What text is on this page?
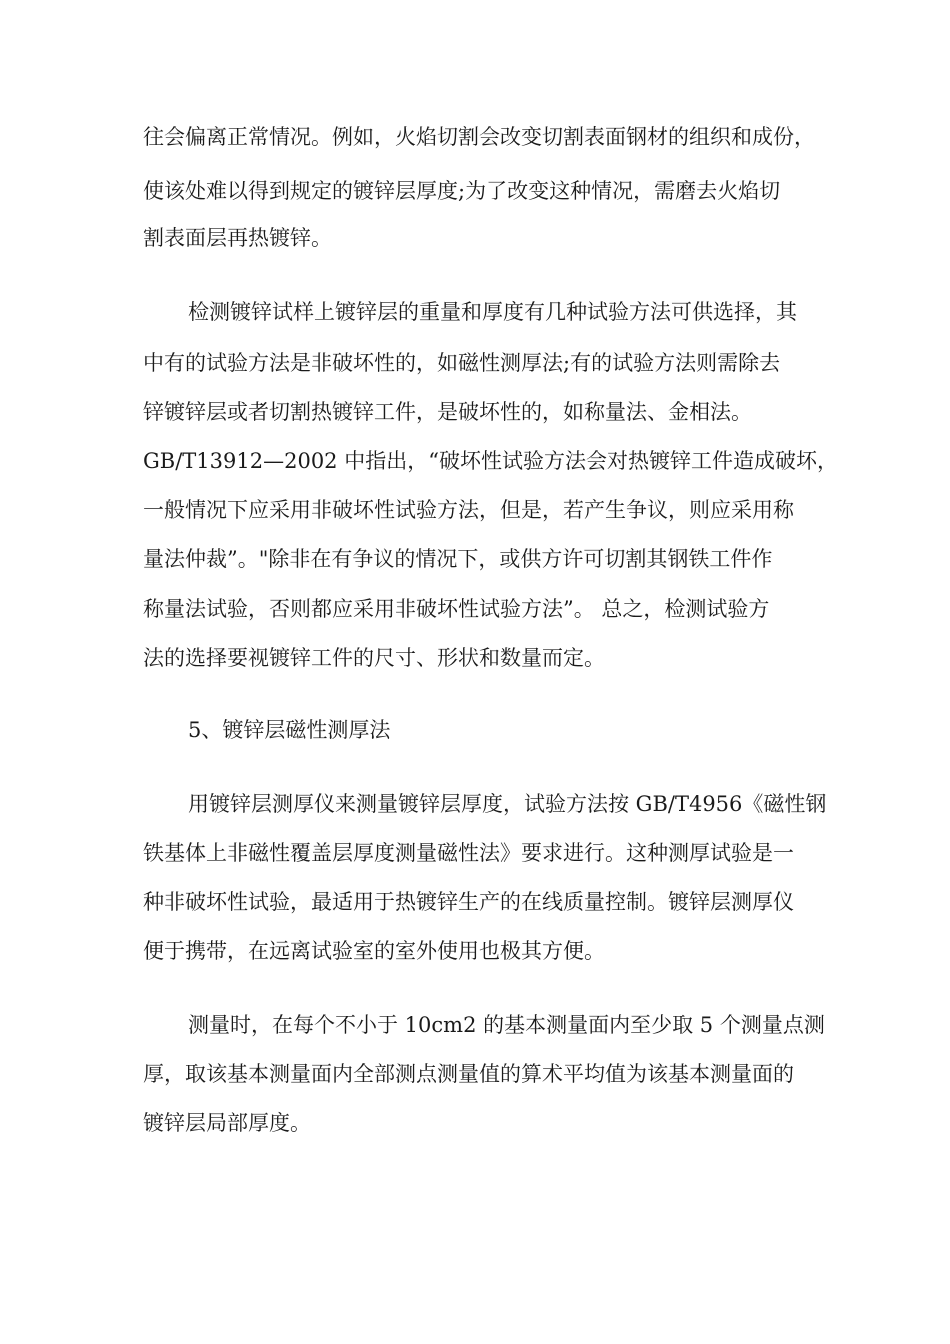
往会偏离正常情况。例如，火焰切割会改变切割表面钢材的组织和成份，
使该处难以得到规定的镀锌层厚度;为了改变这种情况，需磨去火焰切
割表面层再热镀锌。
检测镀锌试样上镀锌层的重量和厚度有几种试验方法可供选择，其
中有的试验方法是非破坏性的，如磁性测厚法;有的试验方法则需除去
锌镀锌层或者切割热镀锌工件，是破坏性的，如称量法、金相法。
GB/T13912—2002 中指出，“破坏性试验方法会对热镀锌工件造成破坏，
一般情况下应采用非破坏性试验方法，但是，若产生争议，则应采用称
量法仲裁”。"除非在有争议的情况下，或供方许可切割其钢铁工件作
称量法试验，否则都应采用非破坏性试验方法”。 总之，检测试验方
法的选择要视镀锌工件的尺寸、形状和数量而定。
5、镀锌层磁性测厚法
用镀锌层测厚仪来测量镀锌层厚度，试验方法按 GB/T4956《磁性钢
铁基体上非磁性覆盖层厚度测量磁性法》要求进行。这种测厚试验是一
种非破坏性试验，最适用于热镀锌生产的在线质量控制。镀锌层测厚仪
便于携带，在远离试验室的室外使用也极其方便。
测量时，在每个不小于 10cm2 的基本测量面内至少取 5 个测量点测
厚，取该基本测量面内全部测点测量值的算术平均值为该基本测量面的
镀锌层局部厚度。
